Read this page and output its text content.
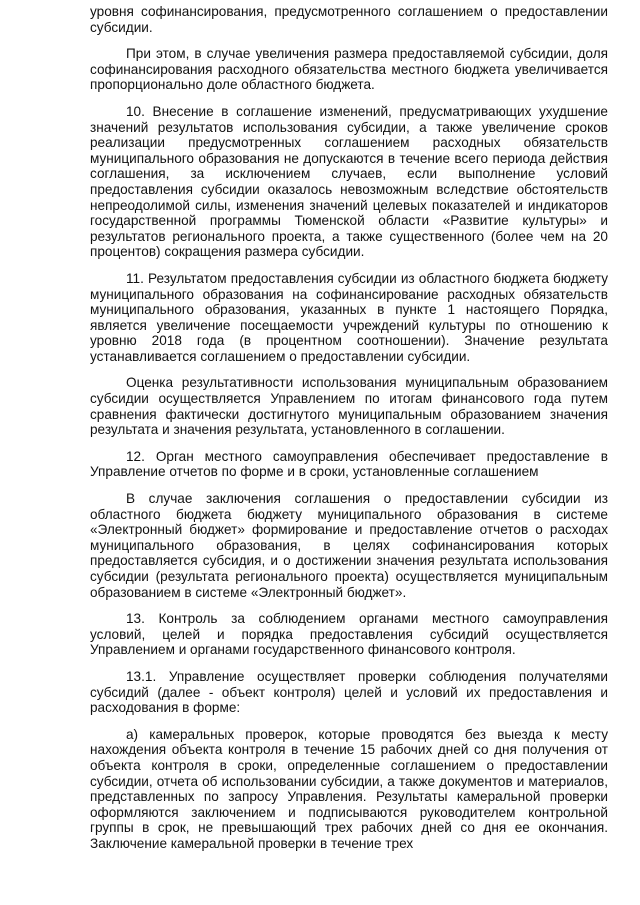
уровня софинансирования, предусмотренного соглашением о предоставлении субсидии.

При этом, в случае увеличения размера предоставляемой субсидии, доля софинансирования расходного обязательства местного бюджета увеличивается пропорционально доле областного бюджета.

10. Внесение в соглашение изменений, предусматривающих ухудшение значений результатов использования субсидии, а также увеличение сроков реализации предусмотренных соглашением расходных обязательств муниципального образования не допускаются в течение всего периода действия соглашения, за исключением случаев, если выполнение условий предоставления субсидии оказалось невозможным вследствие обстоятельств непреодолимой силы, изменения значений целевых показателей и индикаторов государственной программы Тюменской области «Развитие культуры» и результатов регионального проекта, а также существенного (более чем на 20 процентов) сокращения размера субсидии.

11. Результатом предоставления субсидии из областного бюджета бюджету муниципального образования на софинансирование расходных обязательств муниципального образования, указанных в пункте 1 настоящего Порядка, является увеличение посещаемости учреждений культуры по отношению к уровню 2018 года (в процентном соотношении). Значение результата устанавливается соглашением о предоставлении субсидии.

Оценка результативности использования муниципальным образованием субсидии осуществляется Управлением по итогам финансового года путем сравнения фактически достигнутого муниципальным образованием значения результата и значения результата, установленного в соглашении.

12. Орган местного самоуправления обеспечивает предоставление в Управление отчетов по форме и в сроки, установленные соглашением

В случае заключения соглашения о предоставлении субсидии из областного бюджета бюджету муниципального образования в системе «Электронный бюджет» формирование и предоставление отчетов о расходах муниципального образования, в целях софинансирования которых предоставляется субсидия, и о достижении значения результата использования субсидии (результата регионального проекта) осуществляется муниципальным образованием в системе «Электронный бюджет».

13. Контроль за соблюдением органами местного самоуправления условий, целей и порядка предоставления субсидий осуществляется Управлением и органами государственного финансового контроля.

13.1. Управление осуществляет проверки соблюдения получателями субсидий (далее - объект контроля) целей и условий их предоставления и расходования в форме:

а) камеральных проверок, которые проводятся без выезда к месту нахождения объекта контроля в течение 15 рабочих дней со дня получения от объекта контроля в сроки, определенные соглашением о предоставлении субсидии, отчета об использовании субсидии, а также документов и материалов, представленных по запросу Управления. Результаты камеральной проверки оформляются заключением и подписываются руководителем контрольной группы в срок, не превышающий трех рабочих дней со дня ее окончания. Заключение камеральной проверки в течение трех
